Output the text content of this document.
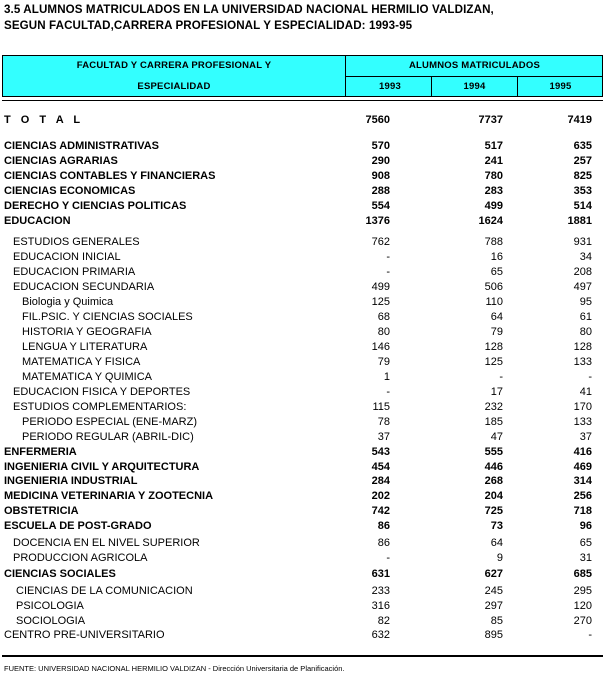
3.5 ALUMNOS MATRICULADOS EN LA UNIVERSIDAD NACIONAL HERMILIO VALDIZAN,
SEGUN FACULTAD,CARRERA PROFESIONAL Y ESPECIALIDAD: 1993-95
FACULTAD Y CARRERA PROFESIONAL Y
ESPECIALIDAD
ALUMNOS MATRICULADOS
1993	1994	1995
T O T A L	7560	7737	7419
CIENCIAS ADMINISTRATIVAS	570	517	635
CIENCIAS AGRARIAS	290	241	257
CIENCIAS CONTABLES Y FINANCIERAS	908	780	825
CIENCIAS ECONOMICAS	288	283	353
DERECHO Y CIENCIAS POLITICAS	554	499	514
EDUCACION	1376	1624	1881
ESTUDIOS GENERALES	762	788	931
EDUCACION INICIAL	-	16	34
EDUCACION PRIMARIA	-	65	208
EDUCACION SECUNDARIA	499	506	497
Biologia y Quimica	125	110	95
FIL.PSIC. Y CIENCIAS SOCIALES	68	64	61
HISTORIA Y GEOGRAFIA	80	79	80
LENGUA Y LITERATURA	146	128	128
MATEMATICA Y FISICA	79	125	133
MATEMATICA Y QUIMICA	1	-	-
EDUCACION FISICA Y DEPORTES	-	17	41
ESTUDIOS COMPLEMENTARIOS:	115	232	170
PERIODO ESPECIAL (ENE-MARZ)	78	185	133
PERIODO REGULAR (ABRIL-DIC)	37	47	37
ENFERMERIA	543	555	416
INGENIERIA CIVIL Y ARQUITECTURA	454	446	469
INGENIERIA INDUSTRIAL	284	268	314
MEDICINA VETERINARIA Y ZOOTECNIA	202	204	256
OBSTETRICIA	742	725	718
ESCUELA DE POST-GRADO	86	73	96
DOCENCIA EN EL NIVEL SUPERIOR	86	64	65
PRODUCCION AGRICOLA	-	9	31
CIENCIAS SOCIALES	631	627	685
CIENCIAS DE LA COMUNICACION	233	245	295
PSICOLOGIA	316	297	120
SOCIOLOGIA	82	85	270
CENTRO PRE-UNIVERSITARIO	632	895	-
FUENTE: UNIVERSIDAD NACIONAL HERMILIO VALDIZAN - Dirección Universitaria de Planificación.
